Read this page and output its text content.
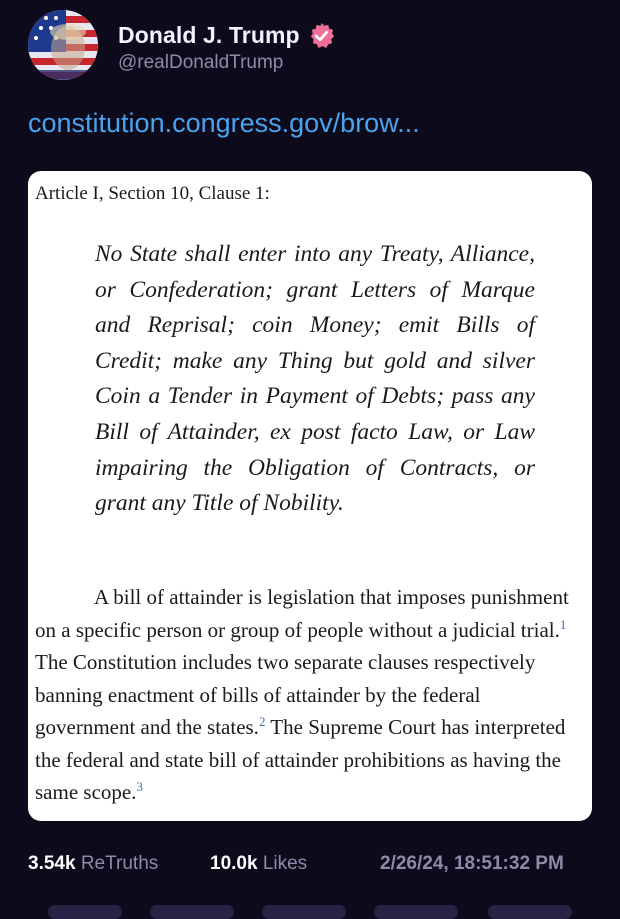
Donald J. Trump
@realDonaldTrump
constitution.congress.gov/brow...
Article I, Section 10, Clause 1:
No State shall enter into any Treaty, Alliance, or Confederation; grant Letters of Marque and Reprisal; coin Money; emit Bills of Credit; make any Thing but gold and silver Coin a Tender in Payment of Debts; pass any Bill of Attainder, ex post facto Law, or Law impairing the Obligation of Contracts, or grant any Title of Nobility.
A bill of attainder is legislation that imposes punishment on a specific person or group of people without a judicial trial.$^1$ The Constitution includes two separate clauses respectively banning enactment of bills of attainder by the federal government and the states.$^2$ The Supreme Court has interpreted the federal and state bill of attainder prohibitions as having the same scope.$^3$
3.54k ReTruths	10.0k Likes	2/26/24, 18:51:32 PM
